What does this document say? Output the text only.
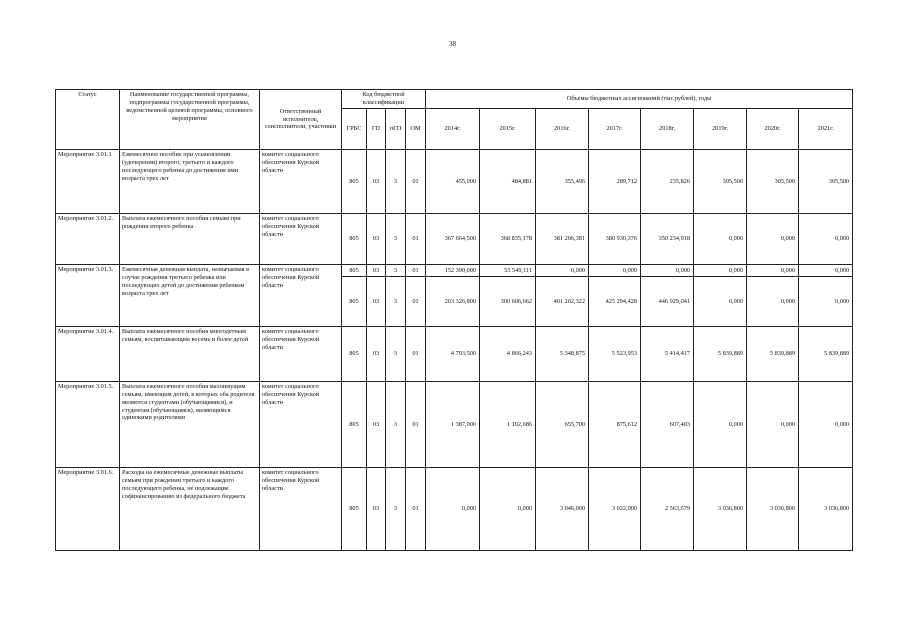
38
Статус	Наименование государственной программы, подпрограммы государственной программы, ведомственной целевой программы, основного мероприятия	Ответственный исполнитель, соисполнители, участники	Код бюджетной классификации				Объемы бюджетных ассигнований (тыс.рублей), годы							
			ГРБС	ГП	пГП	ОМ	2014г.	2015г.	2016г.	2017г.	2018г.	2019г.	2020г.	2021г.
Мероприятие 3.01.1	Ежемесячное пособие при усыновлении (удочерении) второго, третьего и каждого последующего ребенка до достижения ими возраста трех лет	комитет социального обеспечения Курской области	805	03	3	01	455,000	484,881	355,496	289,712	235,826	305,500	305,500	305,500
Мероприятие 3.01.2.	Выплата ежемесячного пособия семьям при рождении второго ребенка	комитет социального обеспечения Курской области	805	03	3	01	367 664,500	368 835,178	381 206,381	380 930,376	350 234,918	0,000	0,000	0,000
Мероприятие 3.01.3.	Ежемесячная денежная выплата, назначаемая в случае рождения третьего ребенка или последующих детей до достижения ребенком возраста трех лет	комитет социального обеспечения Курской области	805	03	3	01	152 390,000	55 549,111	0,000	0,000	0,000	0,000	0,000	0,000
			805	03	3	01	203 326,800	300 606,662	401 202,322	425 294,428	446 929,041	0,000	0,000	0,000
Мероприятие 3.01.4.	Выплата ежемесячного пособия многодетным семьям, воспитывающим восемь и более детей	комитет социального обеспечения Курской области	805	03	3	01	4 793,500	4 866,243	5 348,875	5 523,953	5 414,417	5 839,889	5 839,889	5 839,889
Мероприятие 3.01.5.	Выплата ежемесячного пособия малоимущим семьям, имеющим детей, в которых оба родителя являются студентами (обучающимися), и студентам (обучающимся), являющимся одинокими родителями	комитет социального обеспечения Курской области	805	03	3	01	1 387,000	1 192,686	655,700	875,612	607,403	0,000	0,000	0,000
Мероприятие 3.01.6.	Расходы на ежемесячные денежные выплаты семьям при рождении третьего и каждого последующего ребенка, не подлежащие софинансированию из федерального бюджета	комитет социального обеспечения Курской области	805	03	3	01	0,000	0,000	3 046,000	3 022,000	2 563,579	3 036,800	3 036,800	3 036,800
